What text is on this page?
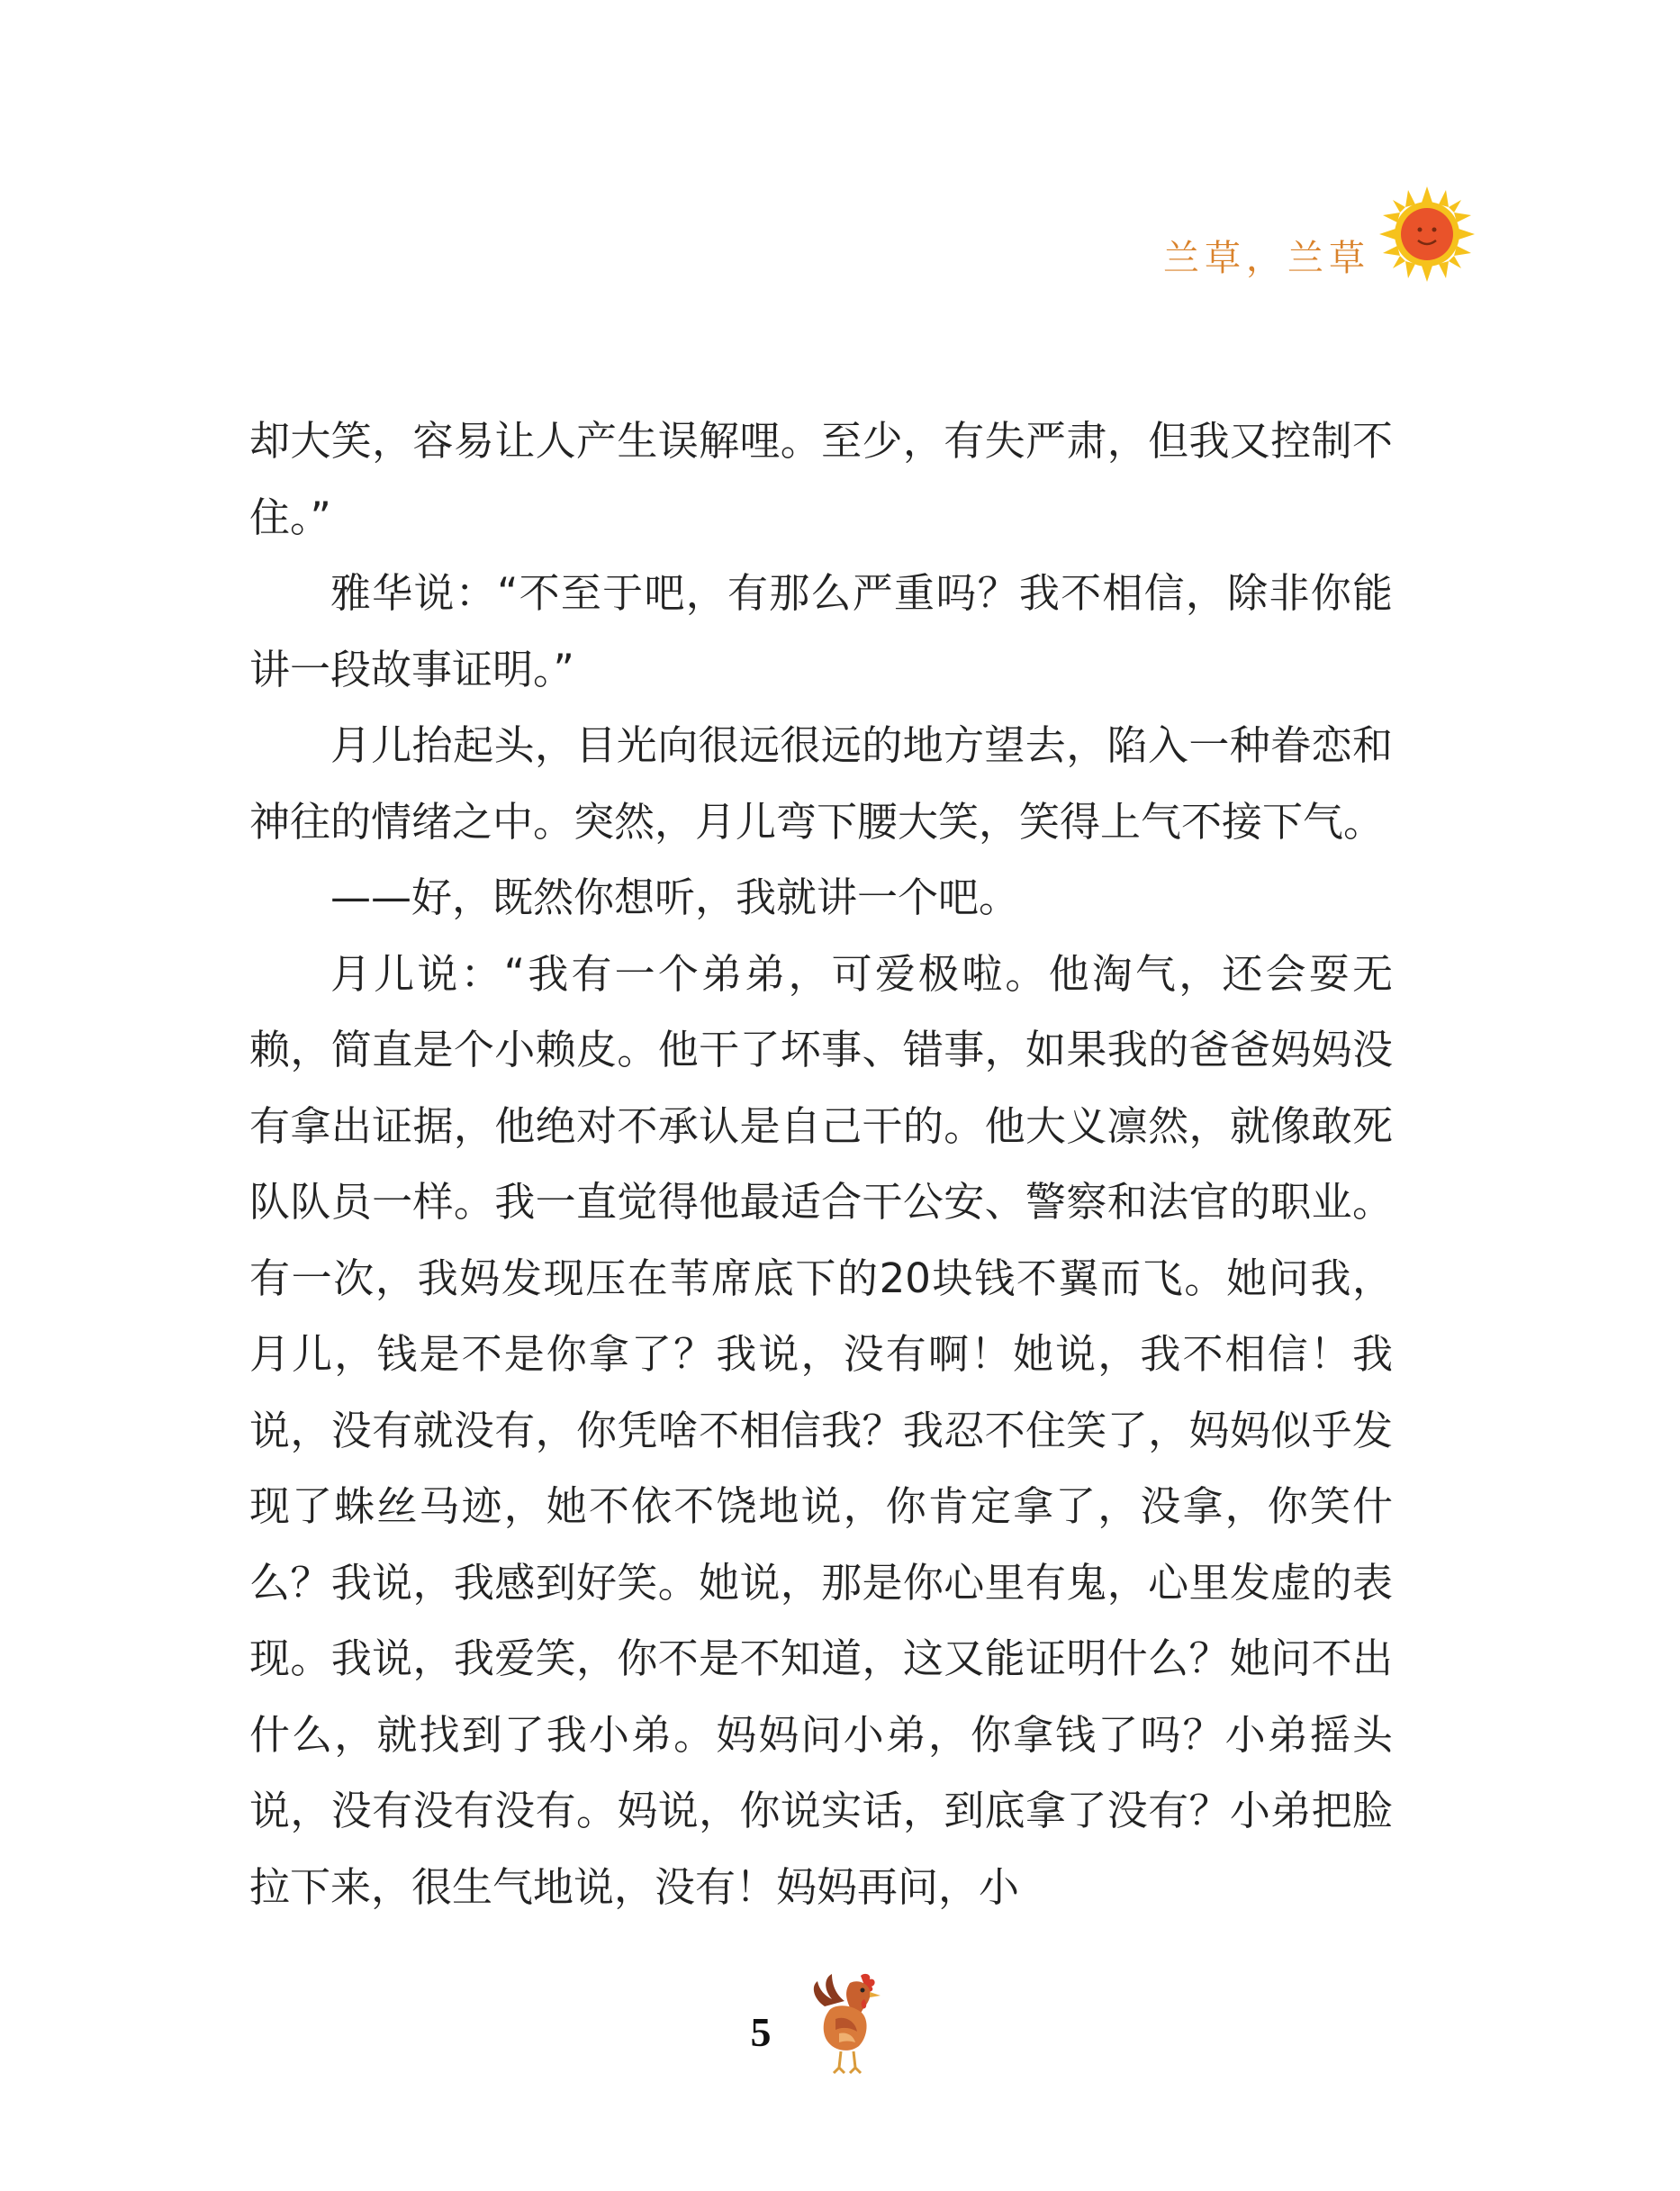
兰草，兰草

却大笑，容易让人产生误解哩。至少，有失严肃，但我又控制不住。”

雅华说：“不至于吧，有那么严重吗？我不相信，除非你能讲一段故事证明。”

月儿抬起头，目光向很远很远的地方望去，陷入一种眷恋和神往的情绪之中。突然，月儿弯下腰大笑，笑得上气不接下气。

——好，既然你想听，我就讲一个吧。

月儿说：“我有一个弟弟，可爱极啦。他淘气，还会耍无赖，简直是个小赖皮。他干了坏事、错事，如果我的爸爸妈妈没有拿出证据，他绝对不承认是自己干的。他大义凛然，就像敢死队队员一样。我一直觉得他最适合干公安、警察和法官的职业。有一次，我妈发现压在苇席底下的20块钱不翼而飞。她问我，月儿，钱是不是你拿了？我说，没有啊！她说，我不相信！我说，没有就没有，你凭啥不相信我？我忍不住笑了，妈妈似乎发现了蛛丝马迹，她不依不饶地说，你肯定拿了，没拿，你笑什么？我说，我感到好笑。她说，那是你心里有鬼，心里发虚的表现。我说，我爱笑，你不是不知道，这又能证明什么？她问不出什么，就找到了我小弟。妈妈问小弟，你拿钱了吗？小弟摇头说，没有没有没有。妈说，你说实话，到底拿了没有？小弟把脸拉下来，很生气地说，没有！妈妈再问，小

5
